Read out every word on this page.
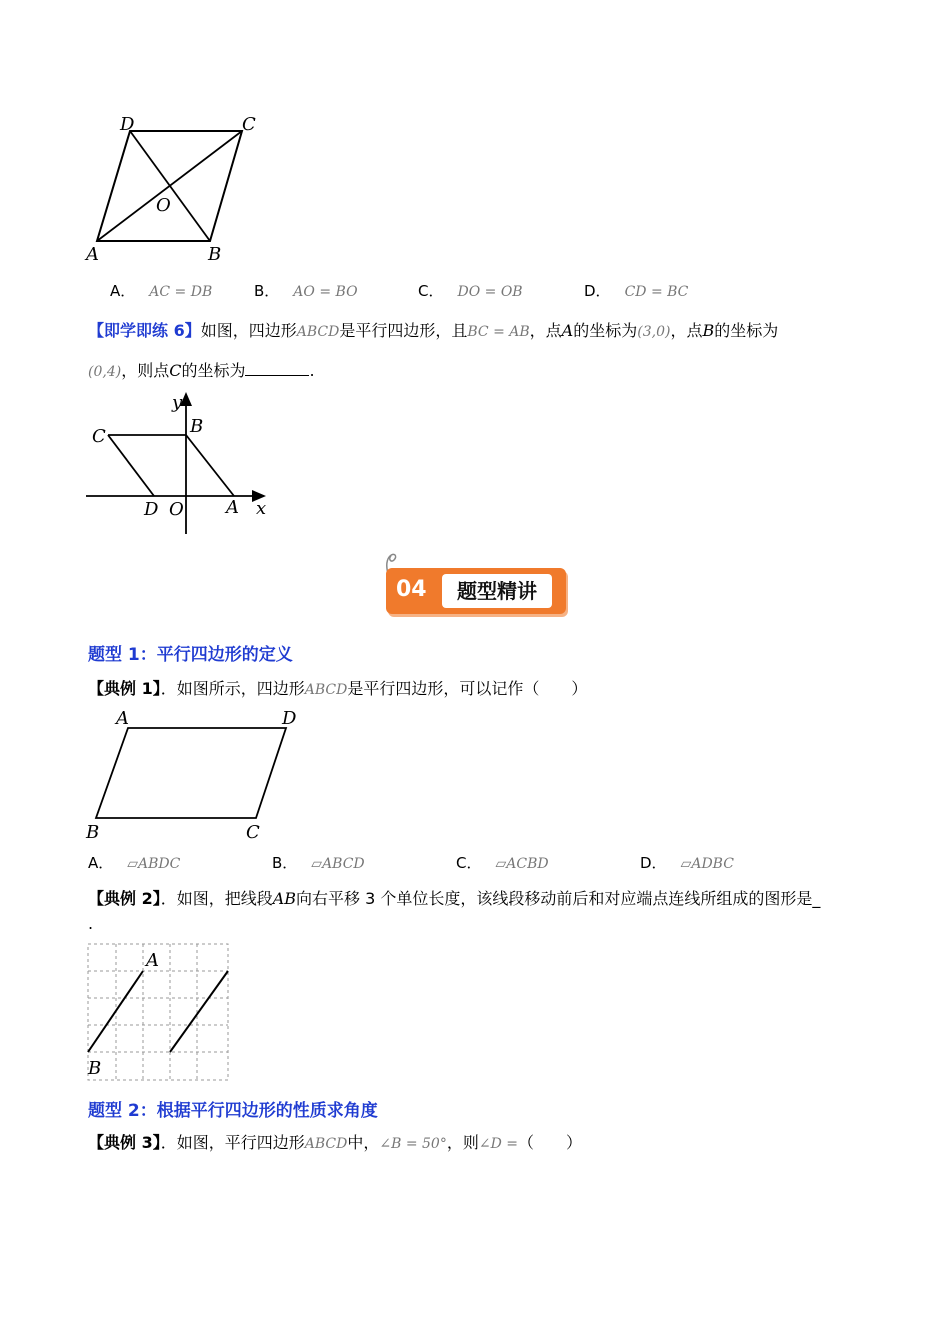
D	C
O
A	B
A． AC = DB	B． AO = BO	C． DO = OB	D． CD = BC
【即学即练 6】如图，四边形ABCD是平行四边形，且BC = AB，点A的坐标为(3,0)，点B的坐标为
(0,4)，则点C的坐标为	.
y
B
C
D O A x
04	题型精讲
题型 1：平行四边形的定义
【典例 1】．如图所示，四边形ABCD是平行四边形，可以记作（　　）
A	D
B	C
A． ▱ABDC	B． ▱ABCD	C． ▱ACBD	D． ▱ADBC
【典例 2】．如图，把线段AB向右平移 3 个单位长度，该线段移动前后和对应端点连线所组成的图形是_
.
A
B
题型 2：根据平行四边形的性质求角度
【典例 3】．如图，平行四边形ABCD中，∠B = 50°，则∠D =（　　）
